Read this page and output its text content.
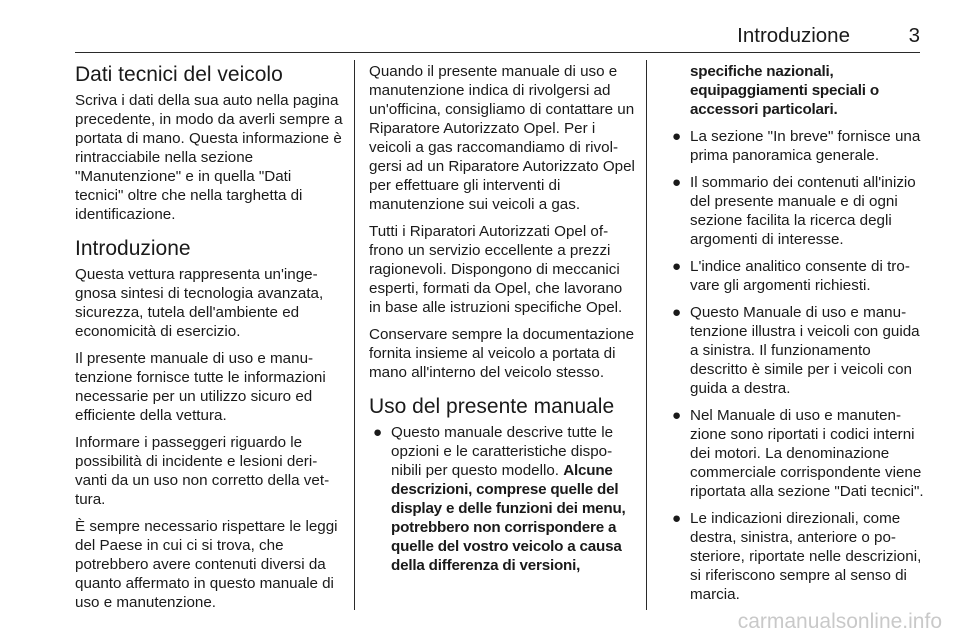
Introduzione	3
Dati tecnici del veicolo

Scriva i dati della sua auto nella pagina precedente, in modo da averli sempre a portata di mano. Questa informazione è rintracciabile nella sezione "Manutenzione" e in quella "Dati tecnici" oltre che nella targhetta di identificazione.

Introduzione

Questa vettura rappresenta un'ingegnosa sintesi di tecnologia avanzata, sicurezza, tutela dell'ambiente ed economicità di esercizio.

Il presente manuale di uso e manutenzione fornisce tutte le informazioni necessarie per un utilizzo sicuro ed efficiente della vettura.

Informare i passeggeri riguardo le possibilità di incidente e lesioni derivanti da un uso non corretto della vettura.

È sempre necessario rispettare le leggi del Paese in cui ci si trova, che potrebbero avere contenuti diversi da quanto affermato in questo manuale di uso e manutenzione.

Quando il presente manuale di uso e manutenzione indica di rivolgersi ad un'officina, consigliamo di contattare un Riparatore Autorizzato Opel. Per i veicoli a gas raccomandiamo di rivolgersi ad un Riparatore Autorizzato Opel per effettuare gli interventi di manutenzione sui veicoli a gas.

Tutti i Riparatori Autorizzati Opel offrono un servizio eccellente a prezzi ragionevoli. Dispongono di meccanici esperti, formati da Opel, che lavorano in base alle istruzioni specifiche Opel.

Conservare sempre la documentazione fornita insieme al veicolo a portata di mano all'interno del veicolo stesso.

Uso del presente manuale
● Questo manuale descrive tutte le opzioni e le caratteristiche disponibili per questo modello. Alcune descrizioni, comprese quelle del display e delle funzioni dei menu, potrebbero non corrispondere a quelle del vostro veicolo a causa della differenza di versioni,

specifiche nazionali, equipaggiamenti speciali o accessori particolari.

● La sezione "In breve" fornisce una prima panoramica generale.
● Il sommario dei contenuti all'inizio del presente manuale e di ogni sezione facilita la ricerca degli argomenti di interesse.
● L'indice analitico consente di trovare gli argomenti richiesti.
● Questo Manuale di uso e manutenzione illustra i veicoli con guida a sinistra. Il funzionamento descritto è simile per i veicoli con guida a destra.
● Nel Manuale di uso e manutenzione sono riportati i codici interni dei motori. La denominazione commerciale corrispondente viene riportata alla sezione "Dati tecnici".
● Le indicazioni direzionali, come destra, sinistra, anteriore o posteriore, riportate nelle descrizioni, si riferiscono sempre al senso di marcia.
carmanualsonline.info
